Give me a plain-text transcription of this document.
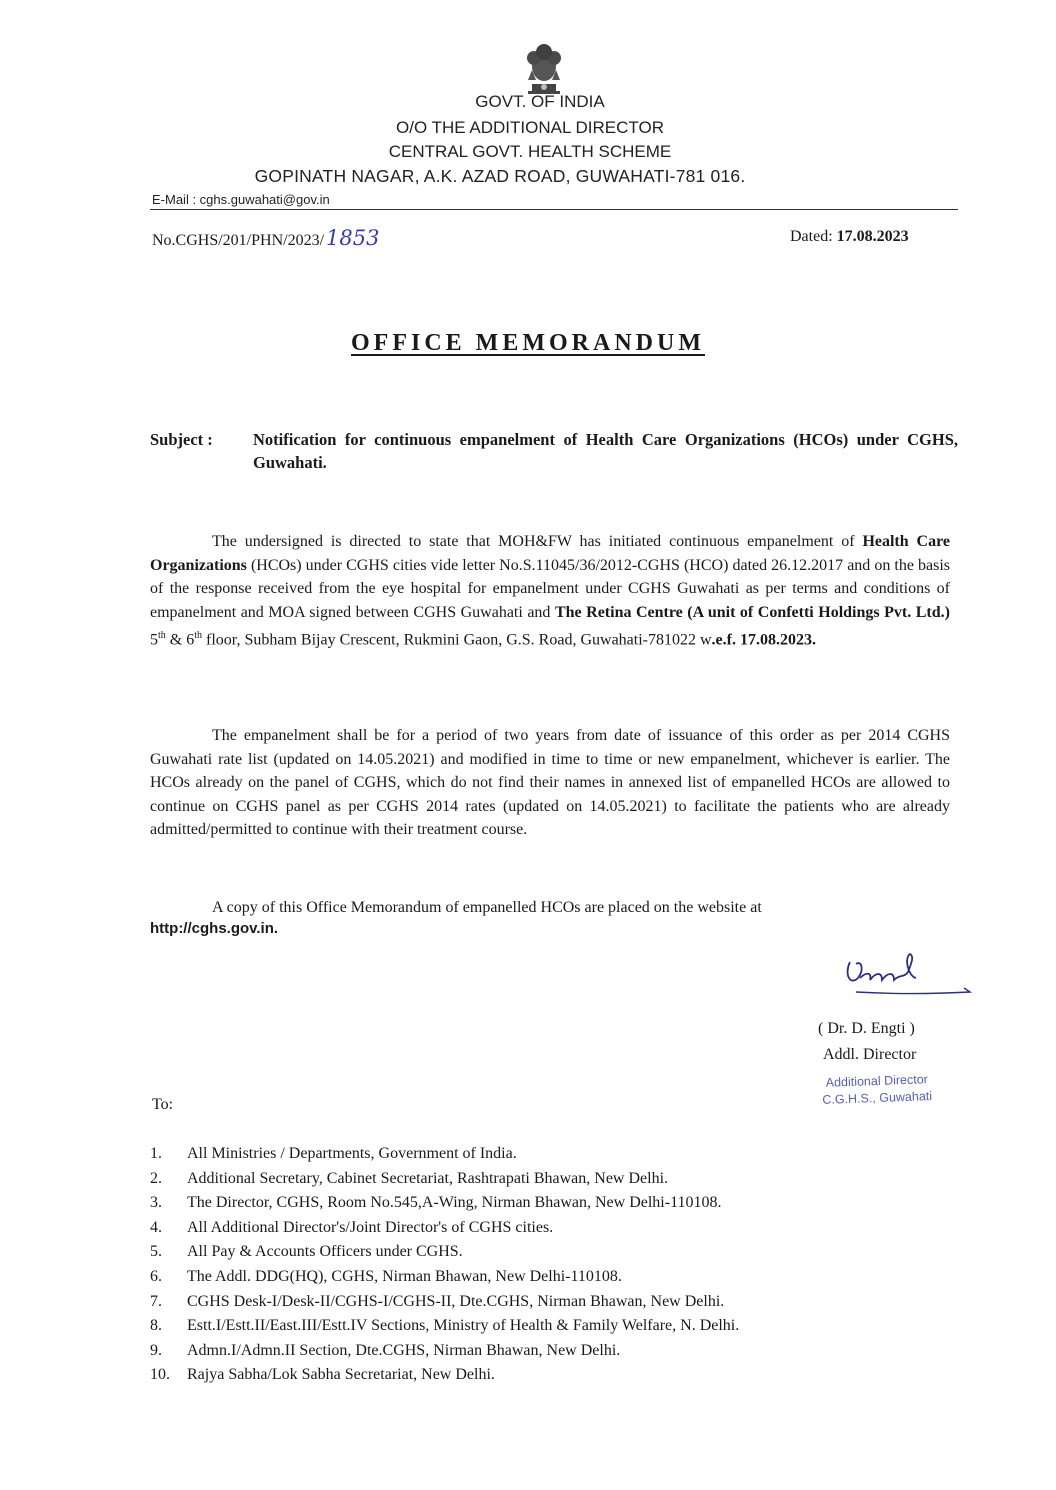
GOVT. OF INDIA
O/O THE ADDITIONAL DIRECTOR
CENTRAL GOVT. HEALTH SCHEME
GOPINATH NAGAR, A.K. AZAD ROAD, GUWAHATI-781 016.
E-Mail : cghs.guwahati@gov.in
No.CGHS/201/PHN/2023/1853	Dated: 17.08.2023
OFFICE MEMORANDUM
Subject : Notification for continuous empanelment of Health Care Organizations (HCOs) under CGHS, Guwahati.
The undersigned is directed to state that MOH&FW has initiated continuous empanelment of Health Care Organizations (HCOs) under CGHS cities vide letter No.S.11045/36/2012-CGHS (HCO) dated 26.12.2017 and on the basis of the response received from the eye hospital for empanelment under CGHS Guwahati as per terms and conditions of empanelment and MOA signed between CGHS Guwahati and The Retina Centre (A unit of Confetti Holdings Pvt. Ltd.) 5th & 6th floor, Subham Bijay Crescent, Rukmini Gaon, G.S. Road, Guwahati-781022 w.e.f. 17.08.2023.
The empanelment shall be for a period of two years from date of issuance of this order as per 2014 CGHS Guwahati rate list (updated on 14.05.2021) and modified in time to time or new empanelment, whichever is earlier. The HCOs already on the panel of CGHS, which do not find their names in annexed list of empanelled HCOs are allowed to continue on CGHS panel as per CGHS 2014 rates (updated on 14.05.2021) to facilitate the patients who are already admitted/permitted to continue with their treatment course.
A copy of this Office Memorandum of empanelled HCOs are placed on the website at
http://cghs.gov.in.
( Dr. D. Engti )
Addl. Director
Additional Director
C.G.H.S., Guwahati
To:
1. All Ministries / Departments, Government of India.
2. Additional Secretary, Cabinet Secretariat, Rashtrapati Bhawan, New Delhi.
3. The Director, CGHS, Room No.545,A-Wing, Nirman Bhawan, New Delhi-110108.
4. All Additional Director's/Joint Director's of CGHS cities.
5. All Pay & Accounts Officers under CGHS.
6. The Addl. DDG(HQ), CGHS, Nirman Bhawan, New Delhi-110108.
7. CGHS Desk-I/Desk-II/CGHS-I/CGHS-II, Dte.CGHS, Nirman Bhawan, New Delhi.
8. Estt.I/Estt.II/East.III/Estt.IV Sections, Ministry of Health & Family Welfare, N. Delhi.
9. Admn.I/Admn.II Section, Dte.CGHS, Nirman Bhawan, New Delhi.
10. Rajya Sabha/Lok Sabha Secretariat, New Delhi.
